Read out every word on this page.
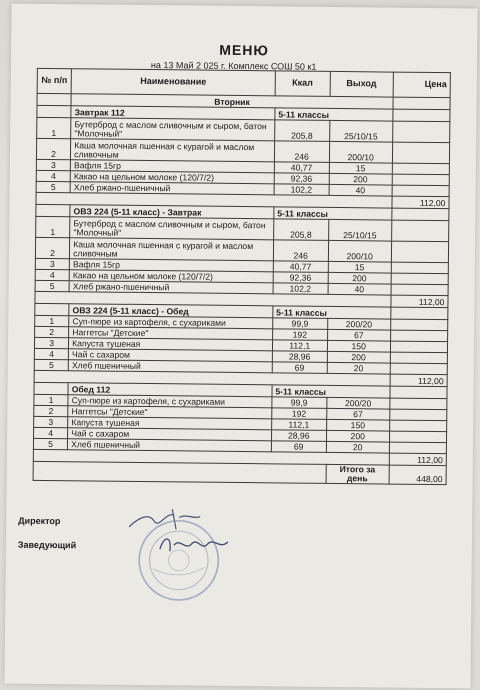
МЕНЮ
на 13 Май 2 025 г. Комплекс СОШ 50 к1
№ п/п	Наименование	Ккал	Выход	Цена
	Вторник			
	Завтрак 112	5-11 классы		
1	Бутерброд с маслом сливочным и сыром, батон "Молочный"	205,8	25/10/15	
2	Каша молочная пшенная с курагой и маслом сливочным	246	200/10	
3	Вафля 15гр	40,77	15	
4	Какао на цельном молоке (120/7/2)	92,36	200	
5	Хлеб ржано-пшеничный	102,2	40	
				112,00
	ОВЗ 224 (5-11 класс) - Завтрак	5-11 классы		
1	Бутерброд с маслом сливочным и сыром, батон "Молочный"	205,8	25/10/15	
2	Каша молочная пшенная с курагой и маслом сливочным	246	200/10	
3	Вафля 15гр	40,77	15	
4	Какао на цельном молоке (120/7/2)	92,36	200	
5	Хлеб ржано-пшеничный	102,2	40	
				112,00
	ОВЗ 224 (5-11 класс) - Обед	5-11 классы		
1	Суп-пюре из картофеля, с сухариками	99,9	200/20	
2	Наггетсы "Детские"	192	67	
3	Капуста тушеная	112,1	150	
4	Чай с сахаром	28,96	200	
5	Хлеб пшеничный	69	20	
				112,00
	Обед 112	5-11 классы		
1	Суп-пюре из картофеля, с сухариками	99,9	200/20	
2	Наггетсы "Детские"	192	67	
3	Капуста тушеная	112,1	150	
4	Чай с сахаром	28,96	200	
5	Хлеб пшеничный	69	20	
				112,00
			Итого за день	448,00
Директор
Заведующий
